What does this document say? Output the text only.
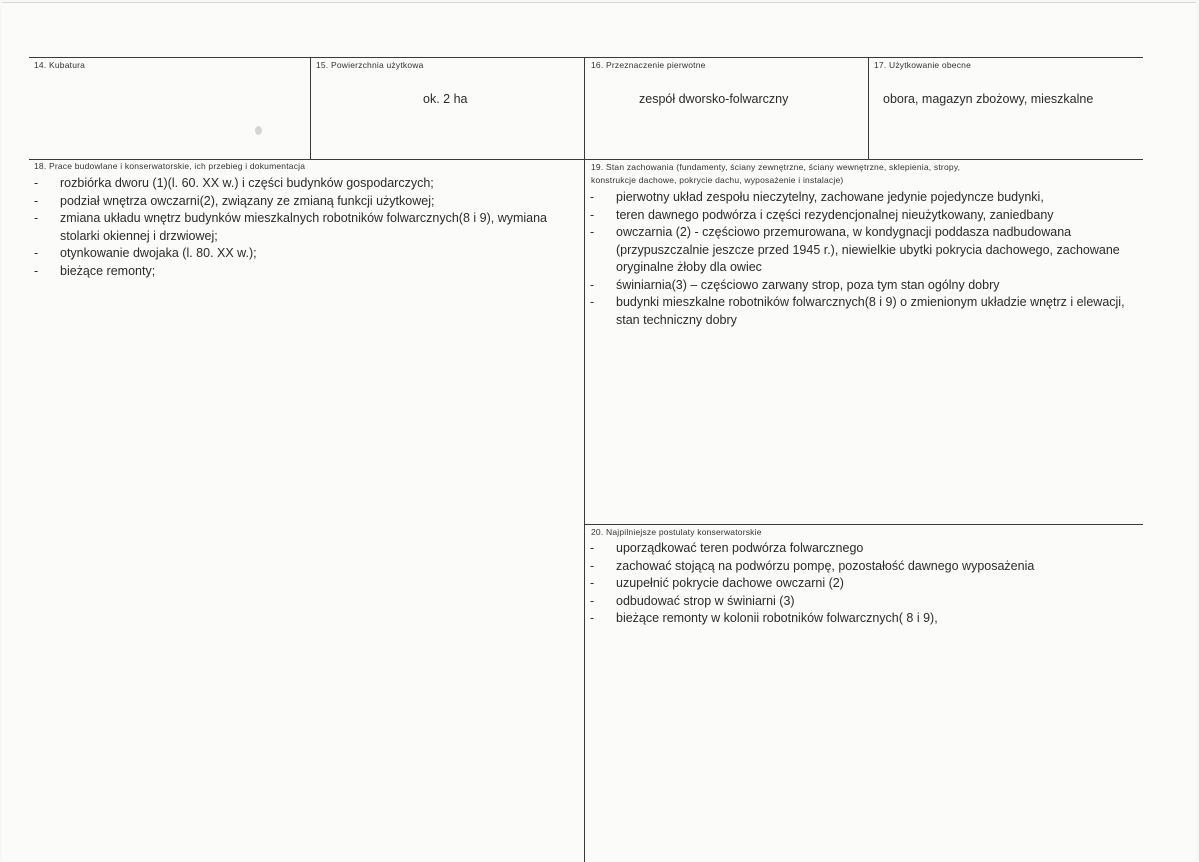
14. Kubatura	15. Powierzchnia użytkowa
ok. 2 ha
16. Przeznaczenie pierwotne
zespół dworsko-folwarczny
17. Użytkowanie obecne
obora, magazyn zbożowy, mieszkalne
18. Prace budowlane i konserwatorskie, ich przebieg i dokumentacja
- rozbiórka dworu (1)(l. 60. XX w.) i części budynków gospodarczych;
- podział wnętrza owczarni(2), związany ze zmianą funkcji użytkowej;
- zmiana układu wnętrz budynków mieszkalnych robotników folwarcznych(8 i 9), wymiana stolarki okiennej i drzwiowej;
- otynkowanie dwojaka (l. 80. XX w.);
- bieżące remonty;
19. Stan zachowania (fundamenty, ściany zewnętrzne, ściany wewnętrzne, sklepienia, stropy,
konstrukcje dachowe, pokrycie dachu, wyposażenie i instalacje)
- pierwotny układ zespołu nieczytelny, zachowane jedynie pojedyncze budynki,
- teren dawnego podwórza i części rezydencjonalnej nieużytkowany, zaniedbany
- owczarnia (2) - częściowo przemurowana, w kondygnacji poddasza nadbudowana (przypuszczalnie jeszcze przed 1945 r.), niewielkie ubytki pokrycia dachowego, zachowane oryginalne żłoby dla owiec
- świniarnia(3) – częściowo zarwany strop, poza tym stan ogólny dobry
- budynki mieszkalne robotników folwarcznych(8 i 9) o zmienionym układzie wnętrz i elewacji, stan techniczny dobry
20. Najpilniejsze postulaty konserwatorskie
- uporządkować teren podwórza folwarcznego
- zachować stojącą na podwórzu pompę, pozostałość dawnego wyposażenia
- uzupełnić pokrycie dachowe owczarni (2)
- odbudować strop w świniarni (3)
- bieżące remonty w kolonii robotników folwarcznych( 8 i 9),
